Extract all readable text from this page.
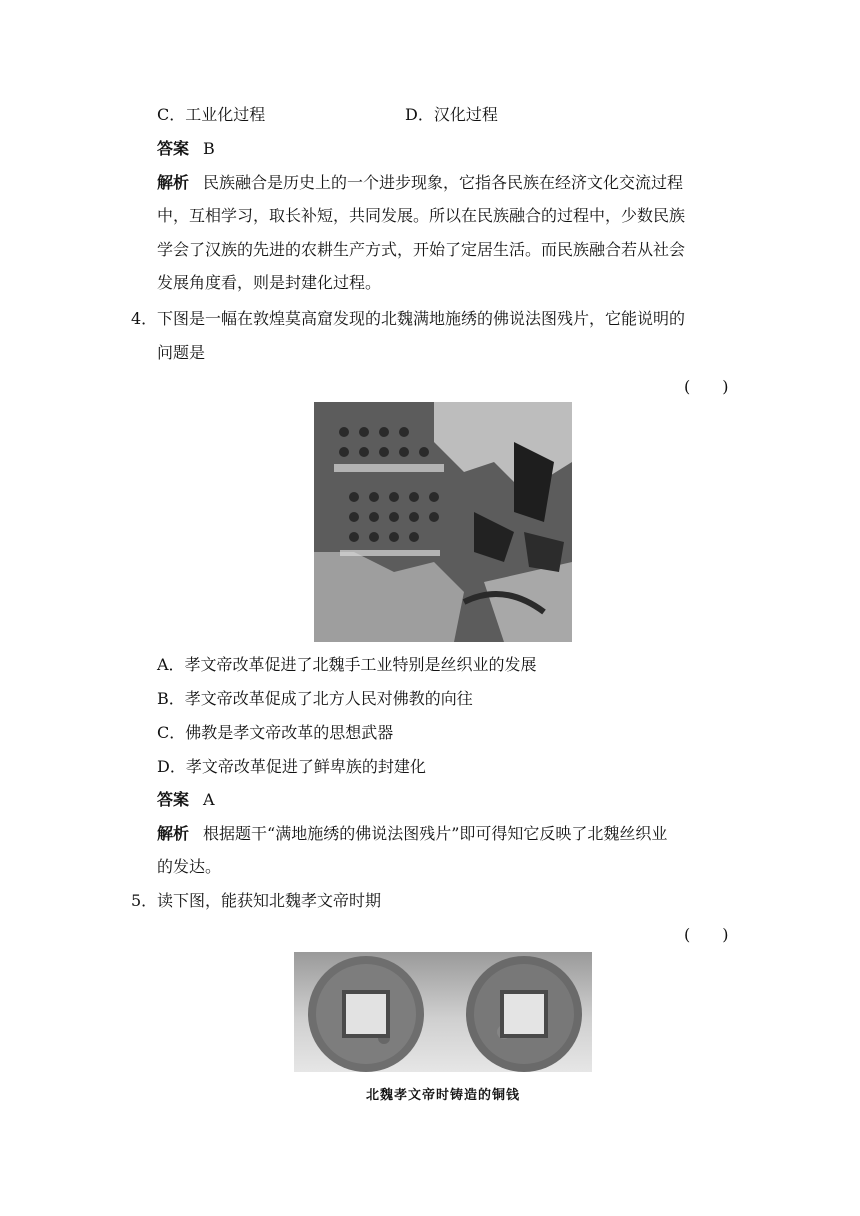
C．工业化过程	D．汉化过程
答案 B
解析 民族融合是历史上的一个进步现象，它指各民族在经济文化交流过程
中，互相学习，取长补短，共同发展。所以在民族融合的过程中，少数民族
学会了汉族的先进的农耕生产方式，开始了定居生活。而民族融合若从社会
发展角度看，则是封建化过程。
4． 下图是一幅在敦煌莫高窟发现的北魏满地施绣的佛说法图残片，它能说明的
问题是
(　　)
A．孝文帝改革促进了北魏手工业特别是丝织业的发展
B．孝文帝改革促成了北方人民对佛教的向往
C．佛教是孝文帝改革的思想武器
D．孝文帝改革促进了鲜卑族的封建化
答案 A
解析 根据题干“满地施绣的佛说法图残片”即可得知它反映了北魏丝织业
的发达。
5． 读下图，能获知北魏孝文帝时期
(　　)
北魏孝文帝时铸造的铜钱
